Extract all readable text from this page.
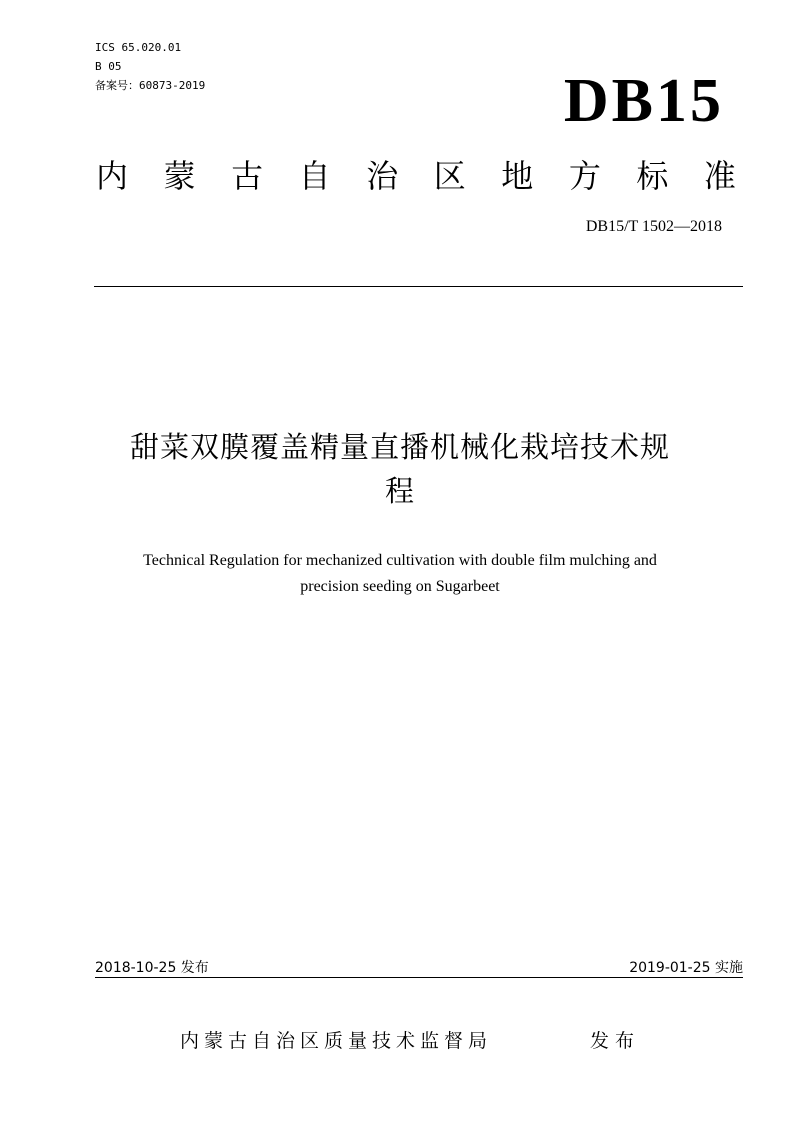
ICS 65.020.01
B 05
备案号：60873-2019	DB15
内 蒙 古 自 治 区 地 方 标 准
DB15/T 1502—2018
甜菜双膜覆盖精量直播机械化栽培技术规
程
Technical Regulation for mechanized cultivation with double film mulching and
precision seeding on Sugarbeet
2018-10-25 发布	2019-01-25 实施
内蒙古自治区质量技术监督局	发布
